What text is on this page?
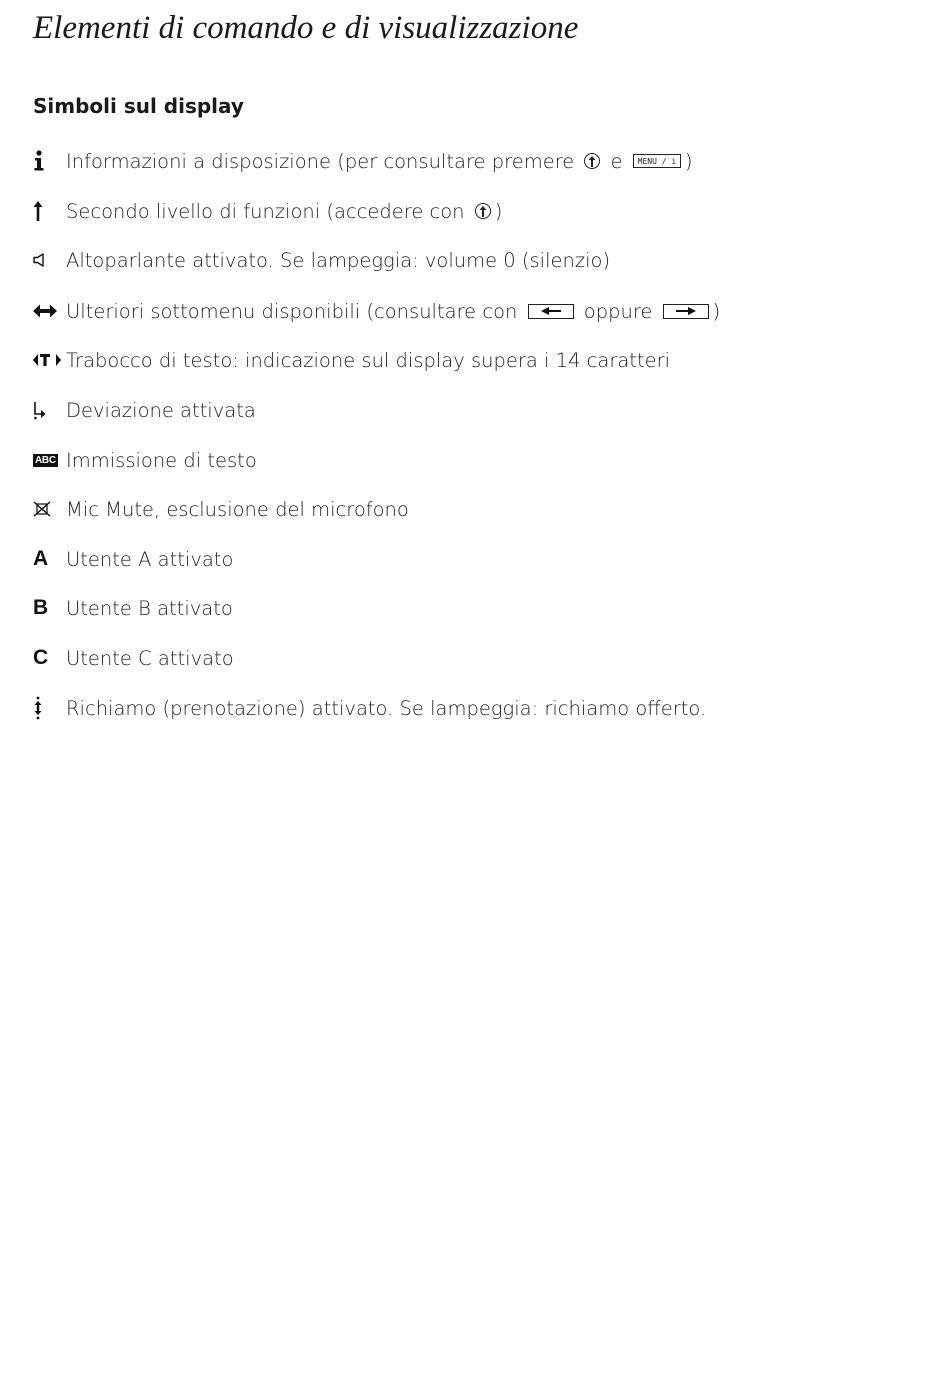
Elementi di comando e di visualizzazione
Simboli sul display
Informazioni a disposizione (per consultare premere e	MENU / i )
Secondo livello di funzioni (accedere con )
Altoparlante attivato. Se lampeggia: volume 0 (silenzio)
Ulteriori sottomenu disponibili (consultare con	oppure	)
Trabocco di testo: indicazione sul display supera i 14 caratteri
Deviazione attivata
ABC Immissione di testo
Mic Mute, esclusione del microfono
A Utente A attivato
B Utente B attivato
C Utente C attivato
Richiamo (prenotazione) attivato. Se lampeggia: richiamo offerto.
